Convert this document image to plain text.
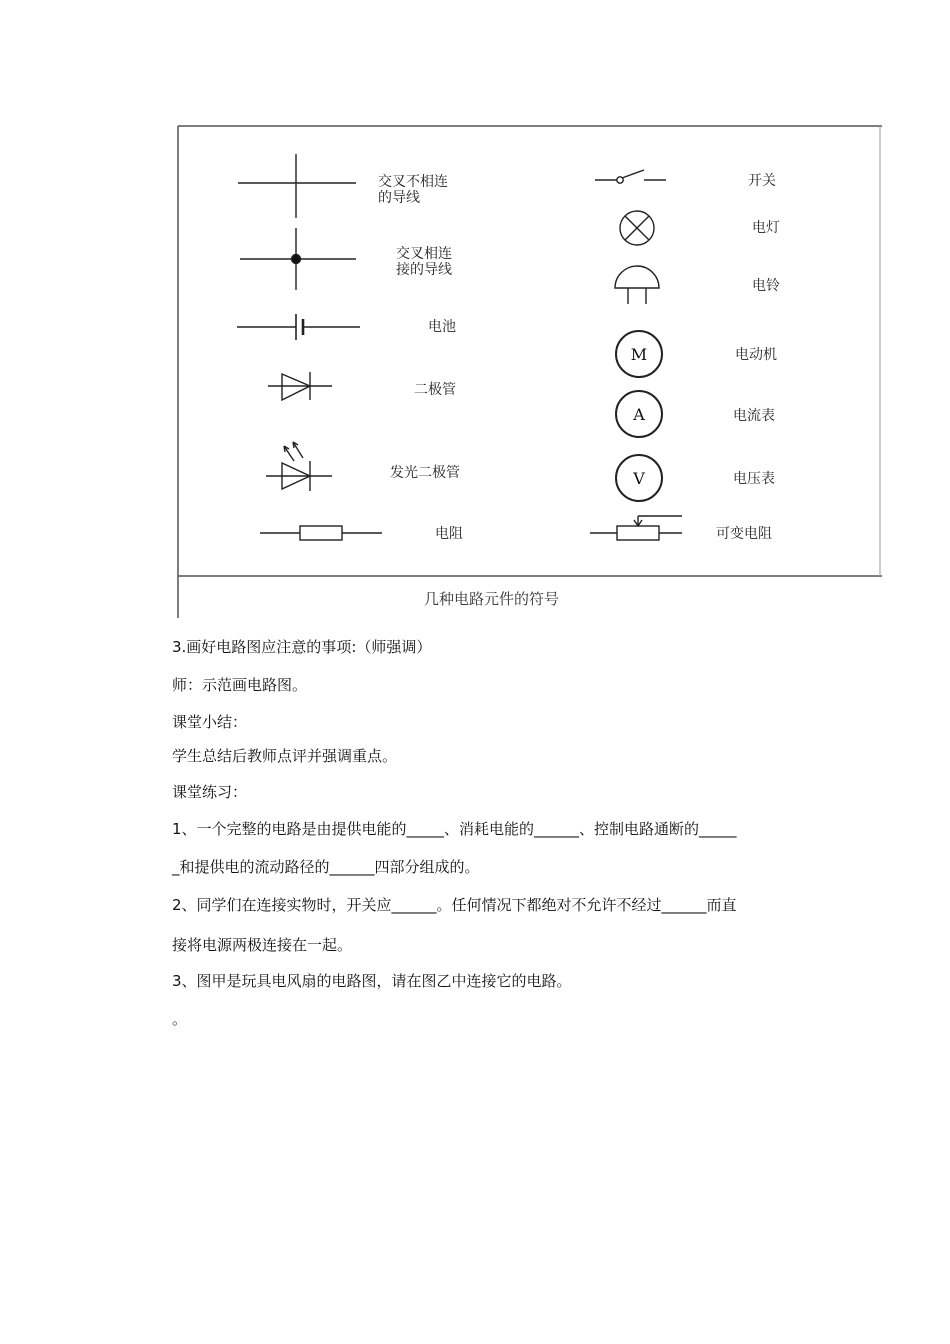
M
A
V
交叉不相连
的导线
交叉相连
接的导线
电池
二极管
发光二极管
电阻
开关
电灯
电铃
电动机
电流表
电压表
可变电阻
几种电路元件的符号
3.画好电路图应注意的事项:（师强调）
师：示范画电路图。
课堂小结：
学生总结后教师点评并强调重点。
课堂练习：
1、一个完整的电路是由提供电能的_____、消耗电能的______、控制电路通断的_____
_和提供电的流动路径的______四部分组成的。
2、同学们在连接实物时，开关应______。任何情况下都绝对不允许不经过______而直
接将电源两极连接在一起。
3、图甲是玩具电风扇的电路图，请在图乙中连接它的电路。
。
